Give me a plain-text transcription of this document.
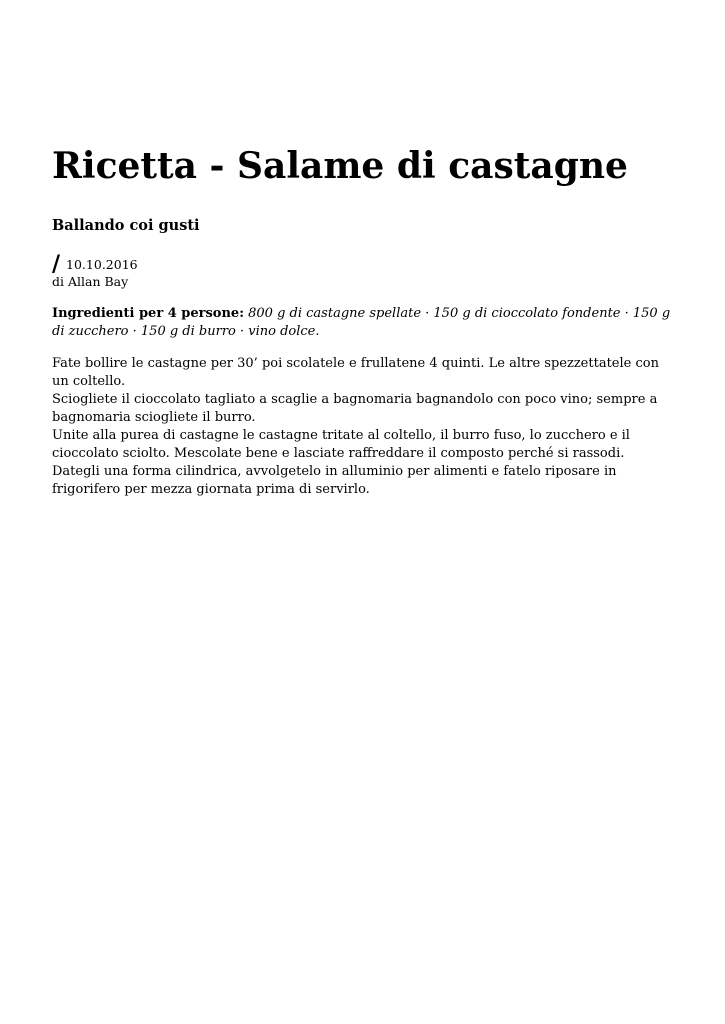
Ricetta - Salame di castagne
Ballando coi gusti
/ 10.10.2016
di Allan Bay

Ingredienti per 4 persone: 800 g di castagne spellate · 150 g di cioccolato fondente · 150 g di zucchero · 150 g di burro · vino dolce.

Fate bollire le castagne per 30’ poi scolatele e frullatene 4 quinti. Le altre spezzettatele con un coltello.

Sciogliete il cioccolato tagliato a scaglie a bagnomaria bagnandolo con poco vino; sempre a bagnomaria sciogliete il burro.

Unite alla purea di castagne le castagne tritate al coltello, il burro fuso, lo zucchero e il cioccolato sciolto. Mescolate bene e lasciate raffreddare il composto perché si rassodi.

Dategli una forma cilindrica, avvolgetelo in alluminio per alimenti e fatelo riposare in frigorifero per mezza giornata prima di servirlo.
